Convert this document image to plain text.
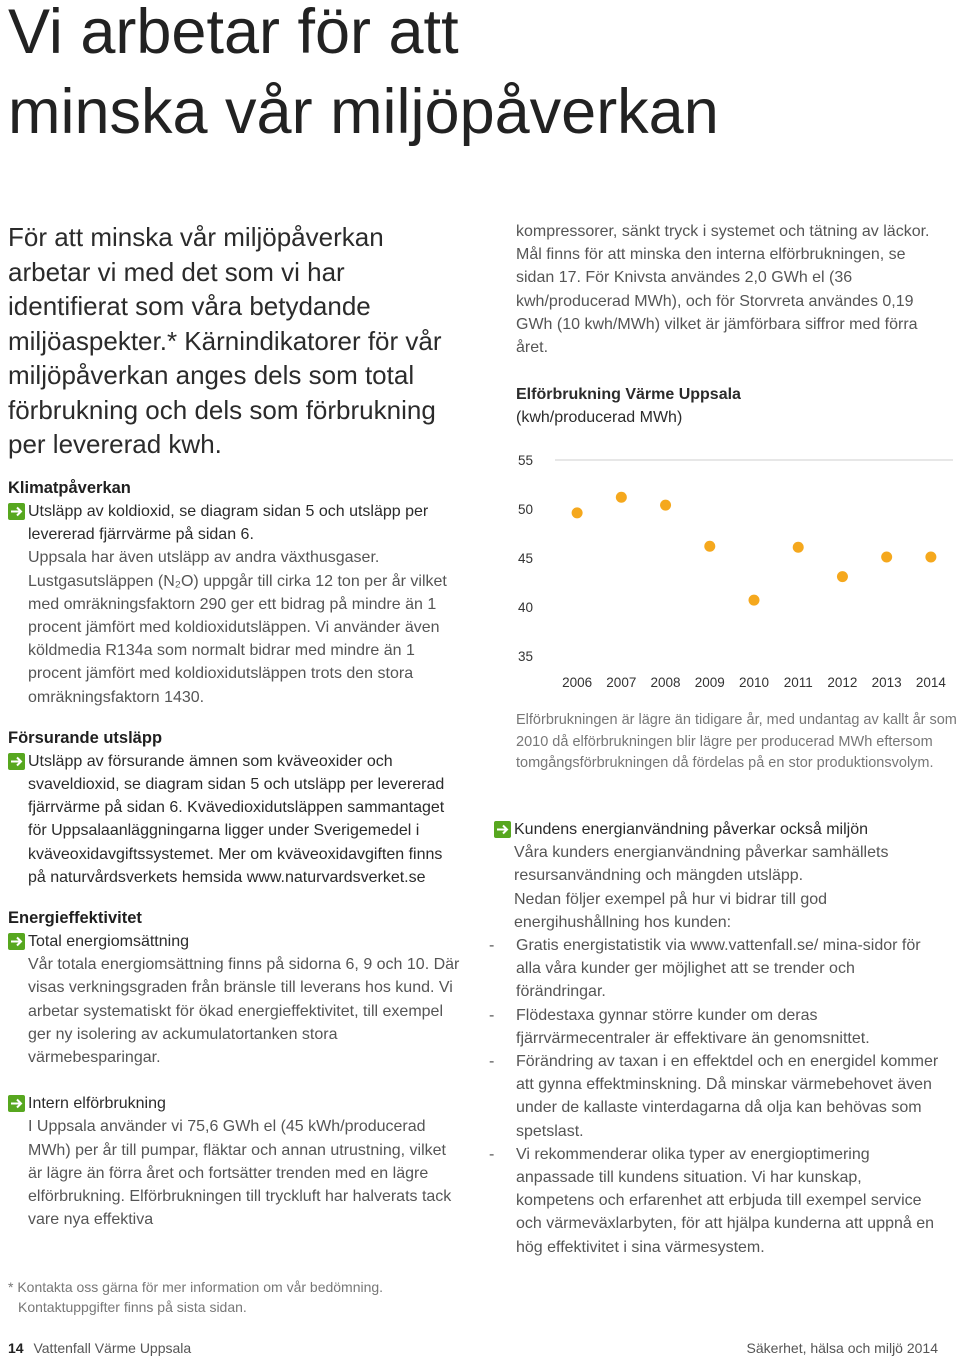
Vi arbetar för att
minska vår miljöpåverkan

För att minska vår miljöpåverkan arbetar vi med det som vi har identifierat som våra betydande miljöaspekter.* Kärnindikatorer för vår miljöpåverkan anges dels som total förbrukning och dels som förbrukning per levererad kwh.

Klimatpåverkan

Utsläpp av koldioxid, se diagram sidan 5 och utsläpp per levererad fjärrvärme på sidan 6.

Uppsala har även utsläpp av andra växthusgaser. Lustgasutsläppen (N₂O) uppgår till cirka 12 ton per år vilket med omräkningsfaktorn 290 ger ett bidrag på mindre än 1 procent jämfört med koldioxidutsläppen. Vi använder även köldmedia R134a som normalt bidrar med mindre än 1 procent jämfört med koldioxidutsläppen trots den stora omräkningsfaktorn 1430.

Försurande utsläpp

Utsläpp av försurande ämnen som kväveoxider och svaveldioxid, se diagram sidan 5 och utsläpp per levererad fjärrvärme på sidan 6. Kvävedioxidutsläppen sammantaget för Uppsalaanläggningarna ligger under Sverigemedel i kväveoxidavgiftssystemet. Mer om kväveoxidavgiften finns på naturvårdsverkets hemsida www.naturvardsverket.se

Energieffektivitet

Total energiomsättning

Vår totala energiomsättning finns på sidorna 6, 9 och 10. Där visas verkningsgraden från bränsle till leverans hos kund. Vi arbetar systematiskt för ökad energieffektivitet, till exempel ger ny isolering av ackumulatortanken stora värmebesparingar.

Intern elförbrukning

I Uppsala använder vi 75,6 GWh el (45 kWh/producerad MWh) per år till pumpar, fläktar och annan utrustning, vilket är lägre än förra året och fortsätter trenden med en lägre elförbrukning. Elförbrukningen till tryckluft har halverats tack vare nya effektiva

kompressorer, sänkt tryck i systemet och tätning av läckor. Mål finns för att minska den interna elförbrukningen, se sidan 17. För Knivsta användes 2,0 GWh el (36 kwh/producerad MWh), och för Storvreta användes 0,19 GWh (10 kwh/MWh) vilket är jämförbara siffror med förra året.

Elförbrukning Värme Uppsala

(kwh/producerad MWh)

55
50
45
40
35
2006 2007 2008 2009 2010 2011 2012 2013 2014

Elförbrukningen är lägre än tidigare år, med undantag av kallt år som 2010 då elförbrukningen blir lägre per producerad MWh eftersom tomgångsförbrukningen då fördelas på en stor produktionsvolym.

Kundens energianvändning påverkar också miljön

Våra kunders energianvändning påverkar samhällets resursanvändning och mängden utsläpp.

Nedan följer exempel på hur vi bidrar till god energihushållning hos kunden:

- Gratis energistatistik via www.vattenfall.se/ mina-sidor för alla våra kunder ger möjlighet att se trender och förändringar.
- Flödestaxa gynnar större kunder om deras fjärrvärmecentraler är effektivare än genomsnittet.
- Förändring av taxan i en effektdel och en energidel kommer att gynna effektminskning. Då minskar värmebehovet även under de kallaste vinterdagarna då olja kan behövas som spetslast.
- Vi rekommenderar olika typer av energioptimering anpassade till kundens situation. Vi har kunskap, kompetens och erfarenhet att erbjuda till exempel service och värmeväxlarbyten, för att hjälpa kunderna att uppnå en hög effektivitet i sina värmesystem.
* Kontakta oss gärna för mer information om vår bedömning.
Kontaktuppgifter finns på sista sidan.
14 Vattenfall Värme Uppsala	Säkerhet, hälsa och miljö 2014
